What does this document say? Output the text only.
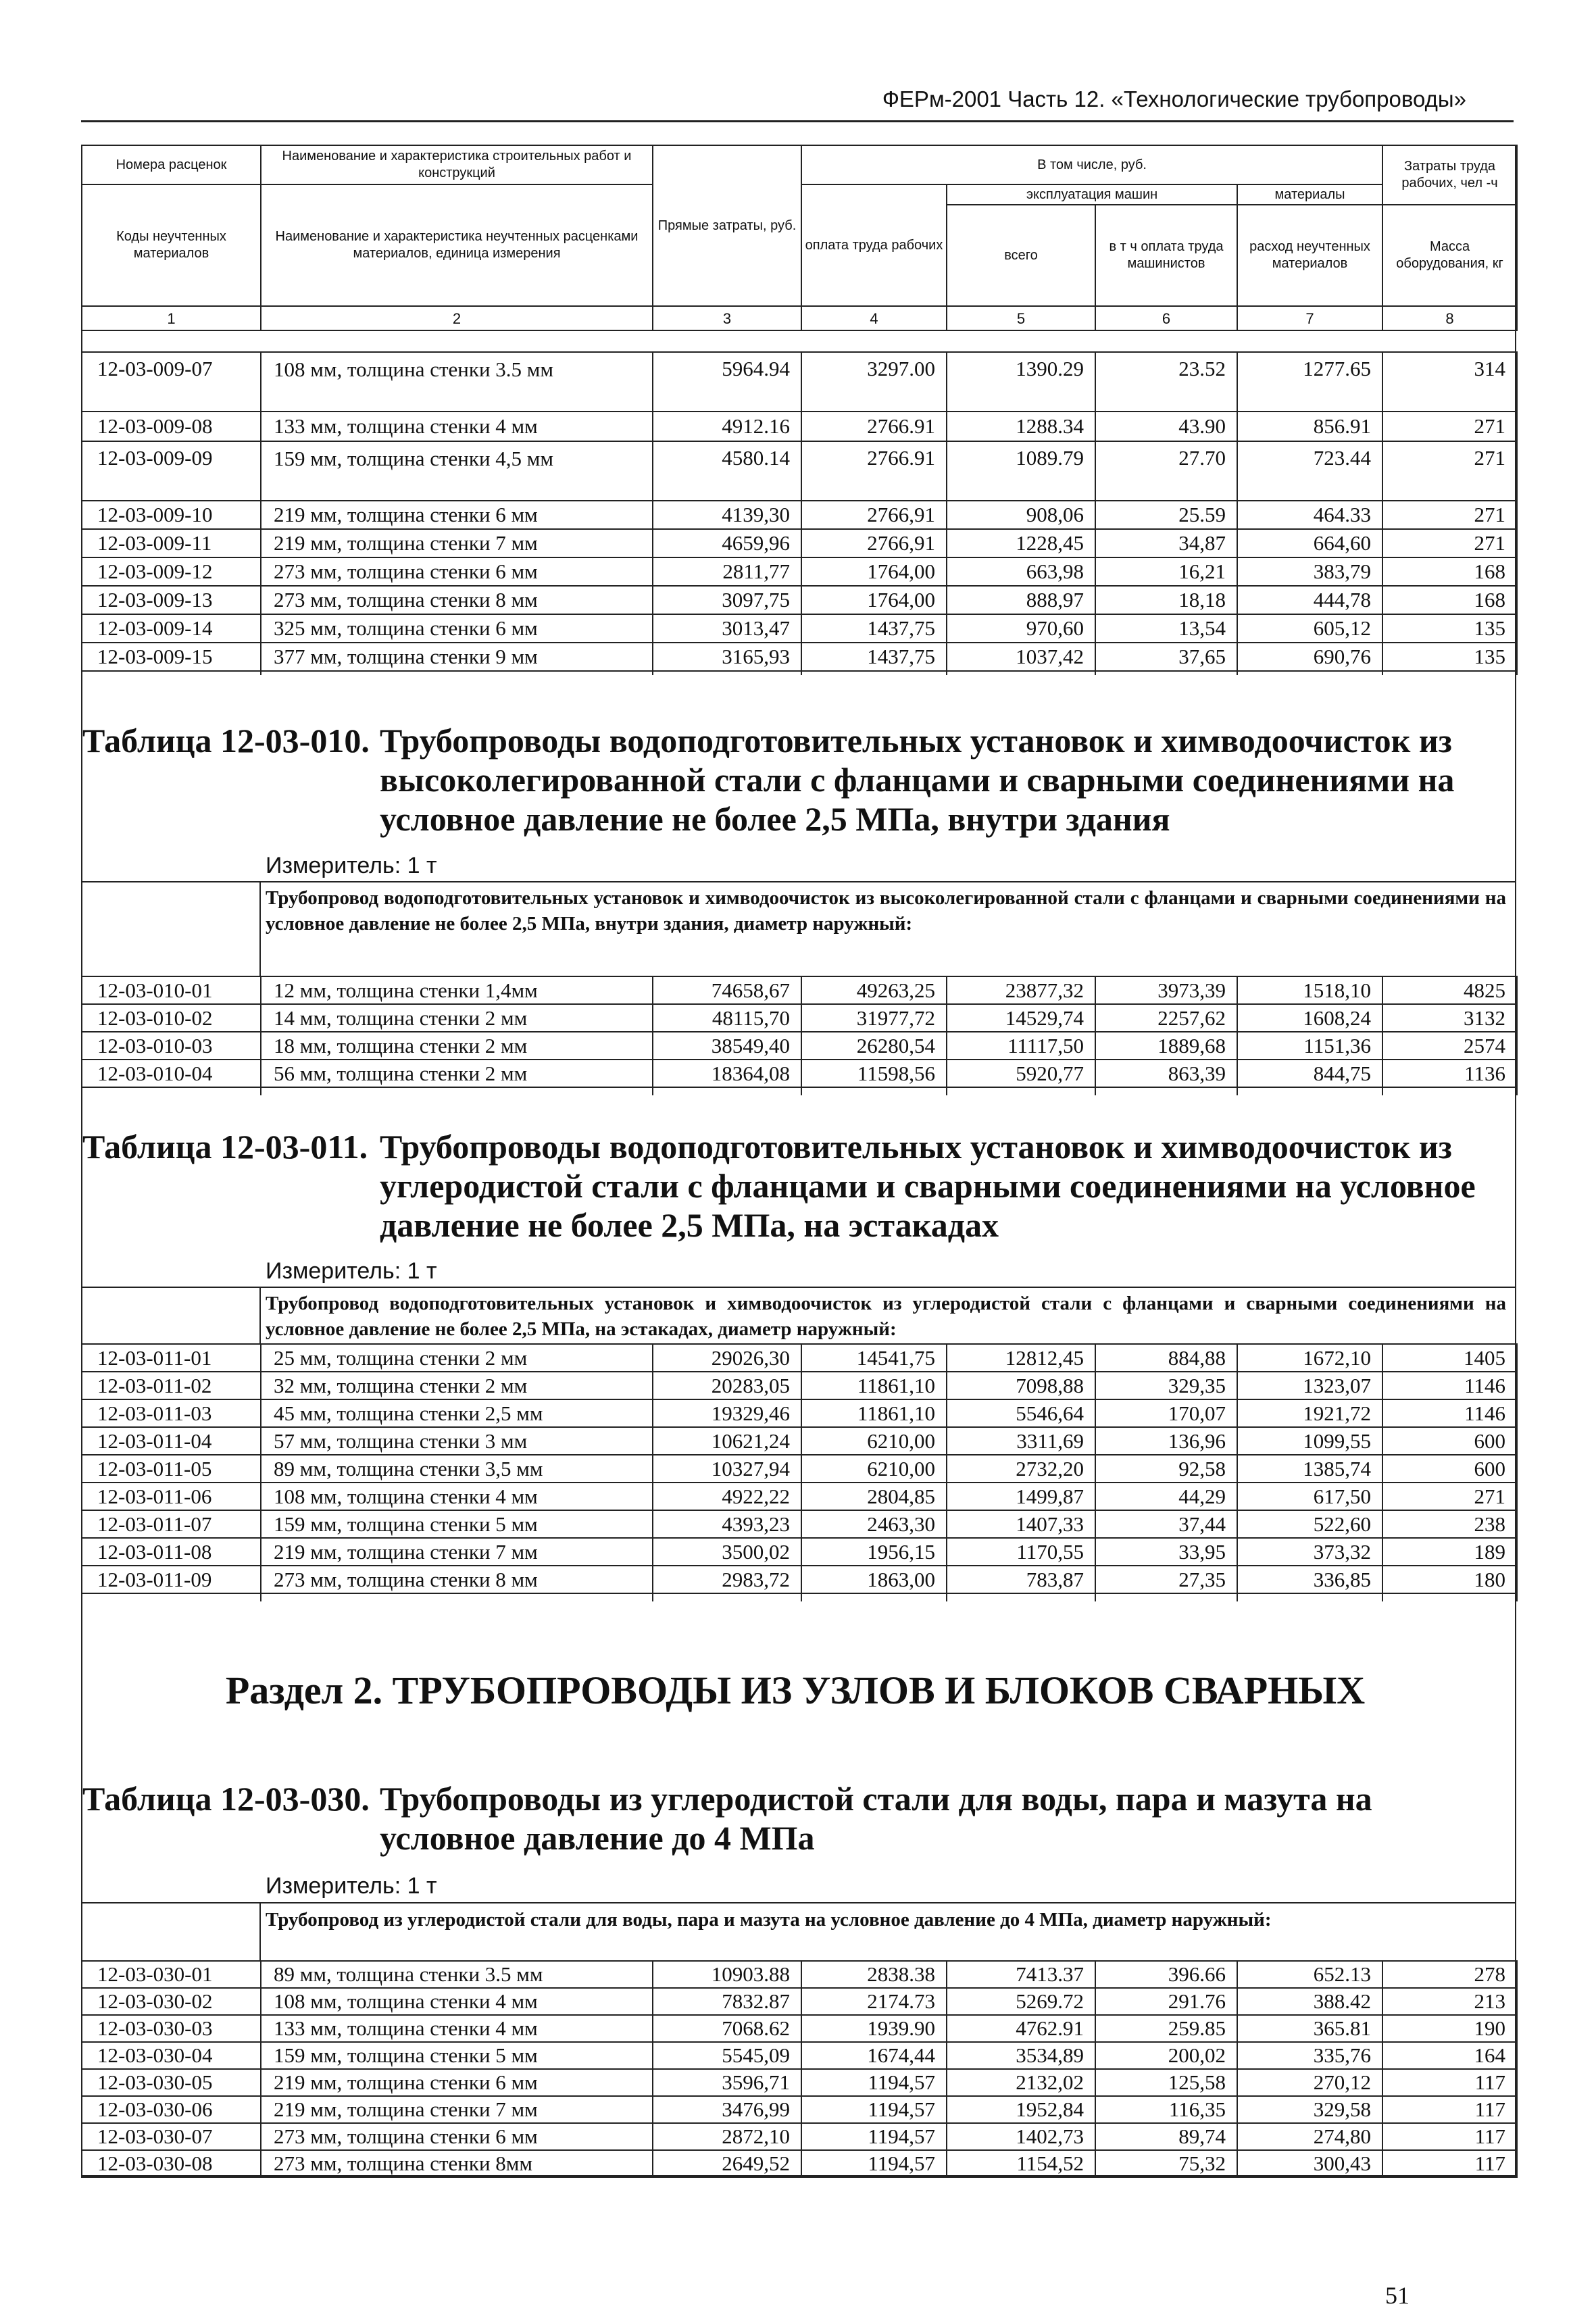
ФЕРм-2001 Часть 12. «Технологические трубопроводы»
Номера расценок	Наименование и характеристика строительных работ и конструкций	Прямые затраты, руб.	В том числе, руб.				Затраты труда рабочих, чел -ч
Коды неучтенных материалов	Наименование и характеристика неучтенных расценками материалов, единица измерения		оплата труда рабочих	эксплуатация машин		материалы	
				всего	в т ч оплата труда машинистов	расход неучтенных материалов	Масса оборудования, кг
1	2	3	4	5	6	7	8
12-03-009-07	108 мм, толщина стенки 3.5 мм	5964.94	3297.00	1390.29	23.52	1277.65	314
12-03-009-08	133 мм, толщина стенки 4 мм	4912.16	2766.91	1288.34	43.90	856.91	271
12-03-009-09	159 мм, толщина стенки 4,5 мм	4580.14	2766.91	1089.79	27.70	723.44	271
12-03-009-10	219 мм, толщина стенки 6 мм	4139,30	2766,91	908,06	25.59	464.33	271
12-03-009-11	219 мм, толщина стенки 7 мм	4659,96	2766,91	1228,45	34,87	664,60	271
12-03-009-12	273 мм, толщина стенки 6 мм	2811,77	1764,00	663,98	16,21	383,79	168
12-03-009-13	273 мм, толщина стенки 8 мм	3097,75	1764,00	888,97	18,18	444,78	168
12-03-009-14	325 мм, толщина стенки 6 мм	3013,47	1437,75	970,60	13,54	605,12	135
12-03-009-15	377 мм, толщина стенки 9 мм	3165,93	1437,75	1037,42	37,65	690,76	135

Таблица 12-03-010. Трубопроводы водоподготовительных установок и химводоочисток из высоколегированной стали с фланцами и сварными соединениями на условное давление не более 2,5 МПа, внутри здания
Измеритель: 1 т
Трубопровод водоподготовительных установок и химводоочисток из высоколегированной стали с фланцами и сварными соединениями на условное давление не более 2,5 МПа, внутри здания, диаметр наружный:
12-03-010-01	12 мм, толщина стенки 1,4мм	74658,67	49263,25	23877,32	3973,39	1518,10	4825
12-03-010-02	14 мм, толщина стенки 2 мм	48115,70	31977,72	14529,74	2257,62	1608,24	3132
12-03-010-03	18 мм, толщина стенки 2 мм	38549,40	26280,54	11117,50	1889,68	1151,36	2574
12-03-010-04	56 мм, толщина стенки 2 мм	18364,08	11598,56	5920,77	863,39	844,75	1136

Таблица 12-03-011. Трубопроводы водоподготовительных установок и химводоочисток из углеродистой стали с фланцами и сварными соединениями на условное давление не более 2,5 МПа, на эстакадах
Измеритель: 1 т
Трубопровод водоподготовительных установок и химводоочисток из углеродистой стали с фланцами и сварными соединениями на условное давление не более 2,5 МПа, на эстакадах, диаметр наружный:
12-03-011-01	25 мм, толщина стенки 2 мм	29026,30	14541,75	12812,45	884,88	1672,10	1405
12-03-011-02	32 мм, толщина стенки 2 мм	20283,05	11861,10	7098,88	329,35	1323,07	1146
12-03-011-03	45 мм, толщина стенки 2,5 мм	19329,46	11861,10	5546,64	170,07	1921,72	1146
12-03-011-04	57 мм, толщина стенки 3 мм	10621,24	6210,00	3311,69	136,96	1099,55	600
12-03-011-05	89 мм, толщина стенки 3,5 мм	10327,94	6210,00	2732,20	92,58	1385,74	600
12-03-011-06	108 мм, толщина стенки 4 мм	4922,22	2804,85	1499,87	44,29	617,50	271
12-03-011-07	159 мм, толщина стенки 5 мм	4393,23	2463,30	1407,33	37,44	522,60	238
12-03-011-08	219 мм, толщина стенки 7 мм	3500,02	1956,15	1170,55	33,95	373,32	189
12-03-011-09	273 мм, толщина стенки 8 мм	2983,72	1863,00	783,87	27,35	336,85	180

Раздел 2. ТРУБОПРОВОДЫ ИЗ УЗЛОВ И БЛОКОВ СВАРНЫХ
Таблица 12-03-030. Трубопроводы из углеродистой стали для воды, пара и мазута на условное давление до 4 МПа
Измеритель: 1 т
Трубопровод из углеродистой стали для воды, пара и мазута на условное давление до 4 МПа, диаметр наружный:
12-03-030-01	89 мм, толщина стенки 3.5 мм	10903.88	2838.38	7413.37	396.66	652.13	278
12-03-030-02	108 мм, толщина стенки 4 мм	7832.87	2174.73	5269.72	291.76	388.42	213
12-03-030-03	133 мм, толщина стенки 4 мм	7068.62	1939.90	4762.91	259.85	365.81	190
12-03-030-04	159 мм, толщина стенки 5 мм	5545,09	1674,44	3534,89	200,02	335,76	164
12-03-030-05	219 мм, толщина стенки 6 мм	3596,71	1194,57	2132,02	125,58	270,12	117
12-03-030-06	219 мм, толщина стенки 7 мм	3476,99	1194,57	1952,84	116,35	329,58	117
12-03-030-07	273 мм, толщина стенки 6 мм	2872,10	1194,57	1402,73	89,74	274,80	117
12-03-030-08	273 мм, толщина стенки 8мм	2649,52	1194,57	1154,52	75,32	300,43	117
51
